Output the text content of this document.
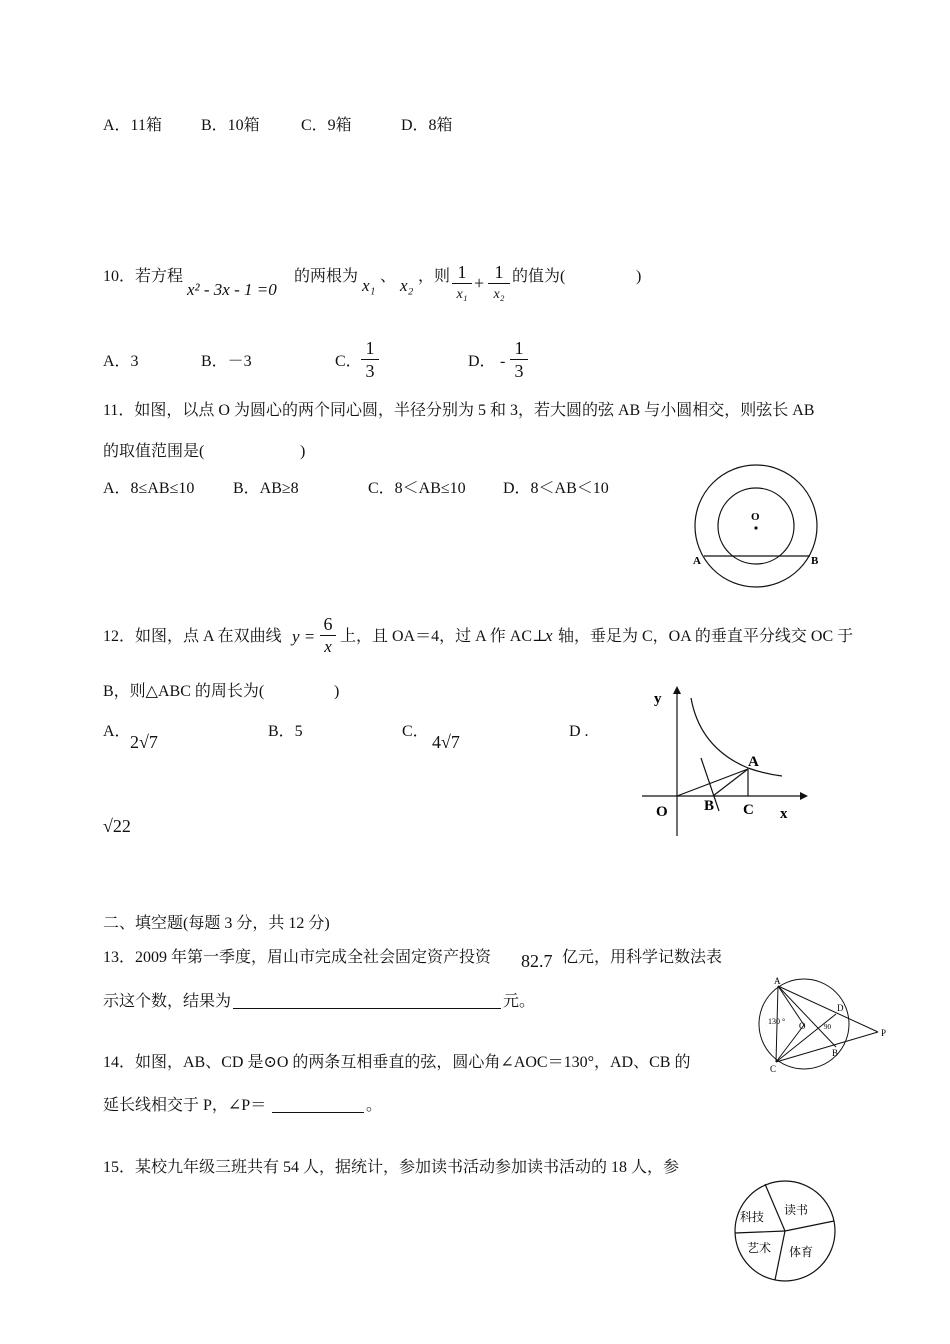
A．11箱 B．10箱	C．9箱	D．8箱
10．若方程
x² - 3x - 1 =0
的两根为 x₁ 、 x₂ ，则 1
x₁
+
1
x₂
的值为(	)
A．3	B．－3	C．
1
3	D． -
1
3
11．如图，以点 O 为圆心的两个同心圆，半径分别为 5 和 3，若大圆的弦 AB 与小圆相交，则弦长 AB
的取值范围是(	)
A．8≤AB≤10 B．AB≥8	C．8＜AB≤10 D．8＜AB＜10
O
A	B
12．如图，点 A 在双曲线 y =
6
x
上，且 OA＝4，过 A 作 AC⊥
x 轴，垂足为 C，OA 的垂直平分线交 OC 于
B，则△ABC 的周长为(	)
A．
2√7
B．5	C．
4√7
D .
√22
y
x
O
A
B C
二、填空题(每题 3 分，共 12 分)
13．2009 年第一季度，眉山市完成全社会固定资产投资 82.7 亿元，用科学记数法表
示这个数，结果为	元。
A
D
B
C
O
P
130 °
90
14．如图，AB、CD 是⊙O 的两条互相垂直的弦，圆心角∠AOC＝130°，AD、CB 的
延长线相交于 P，∠P＝	。
15．某校九年级三班共有 54 人，据统计，参加读书活动参加读书活动的 18 人，参
科技 读书
艺术 体育
